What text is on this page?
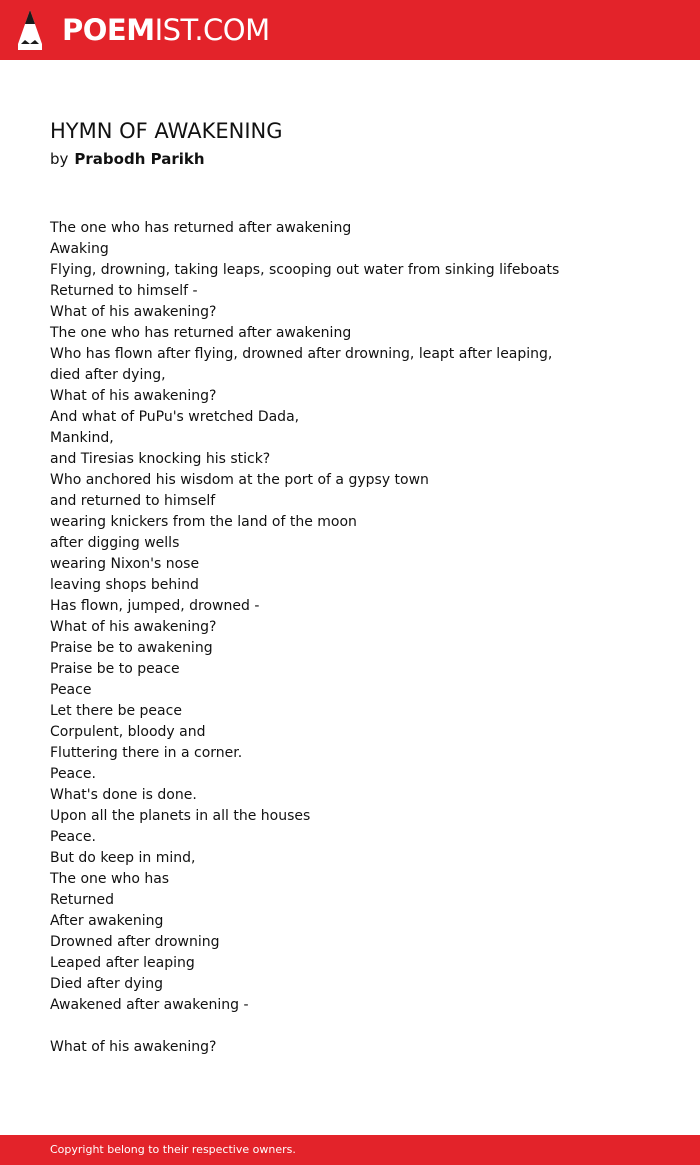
POEMIST.COM
HYMN OF AWAKENING
by Prabodh Parikh
The one who has returned after awakening
Awaking
Flying, drowning, taking leaps, scooping out water from sinking lifeboats
Returned to himself -
What of his awakening?
The one who has returned after awakening
Who has flown after flying, drowned after drowning, leapt after leaping,
died after dying,
What of his awakening?
And what of PuPu's wretched Dada,
Mankind,
and Tiresias knocking his stick?
Who anchored his wisdom at the port of a gypsy town
and returned to himself
wearing knickers from the land of the moon
after digging wells
wearing Nixon's nose
leaving shops behind
Has flown, jumped, drowned -
What of his awakening?
Praise be to awakening
Praise be to peace
Peace
Let there be peace
Corpulent, bloody and
Fluttering there in a corner.
Peace.
What's done is done.
Upon all the planets in all the houses
Peace.
But do keep in mind,
The one who has
Returned
After awakening
Drowned after drowning
Leaped after leaping
Died after dying
Awakened after awakening -
What of his awakening?
Copyright belong to their respective owners.
